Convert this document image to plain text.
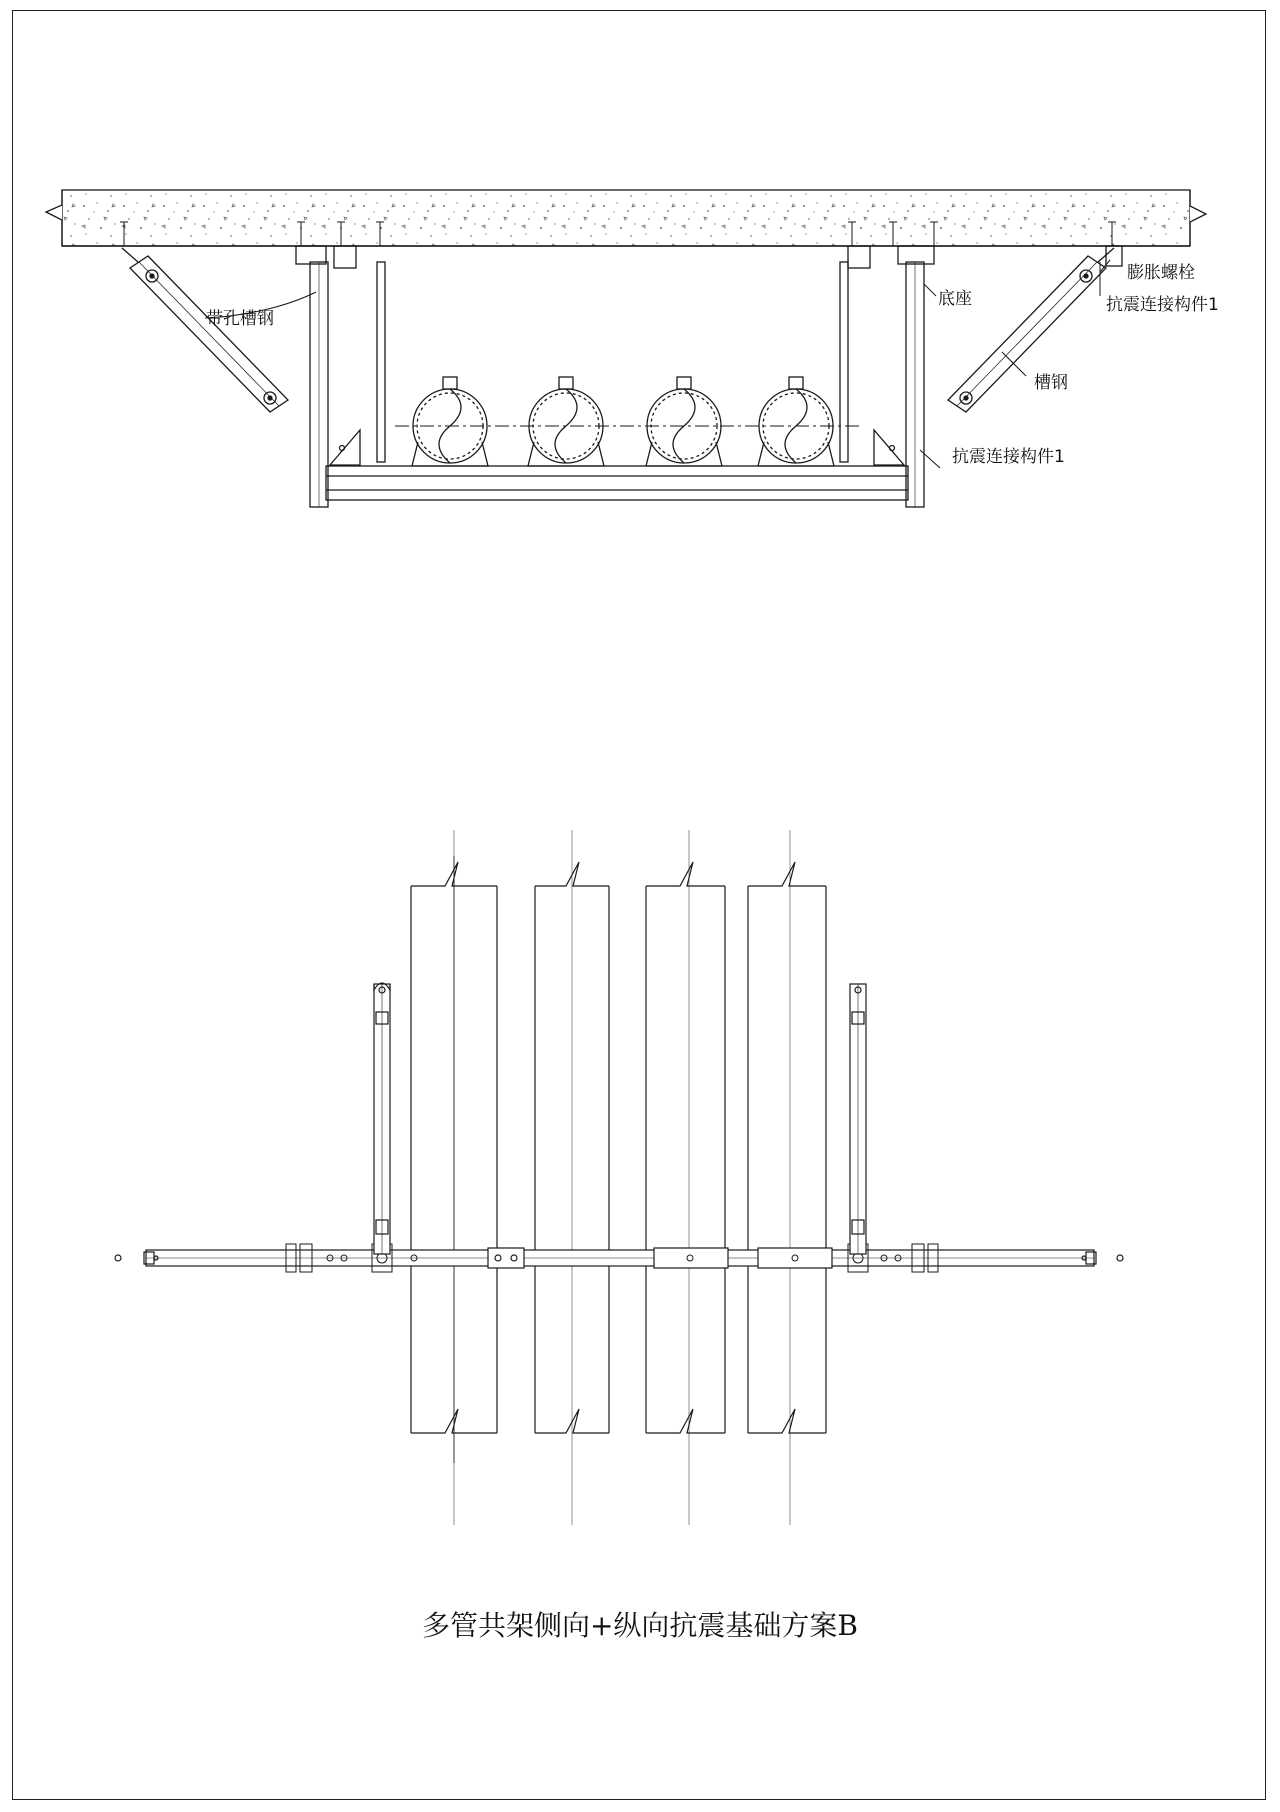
带孔槽钢
膨胀螺栓
抗震连接构件1
底座
槽钢
抗震连接构件1
多管共架侧向+纵向抗震基础方案B
